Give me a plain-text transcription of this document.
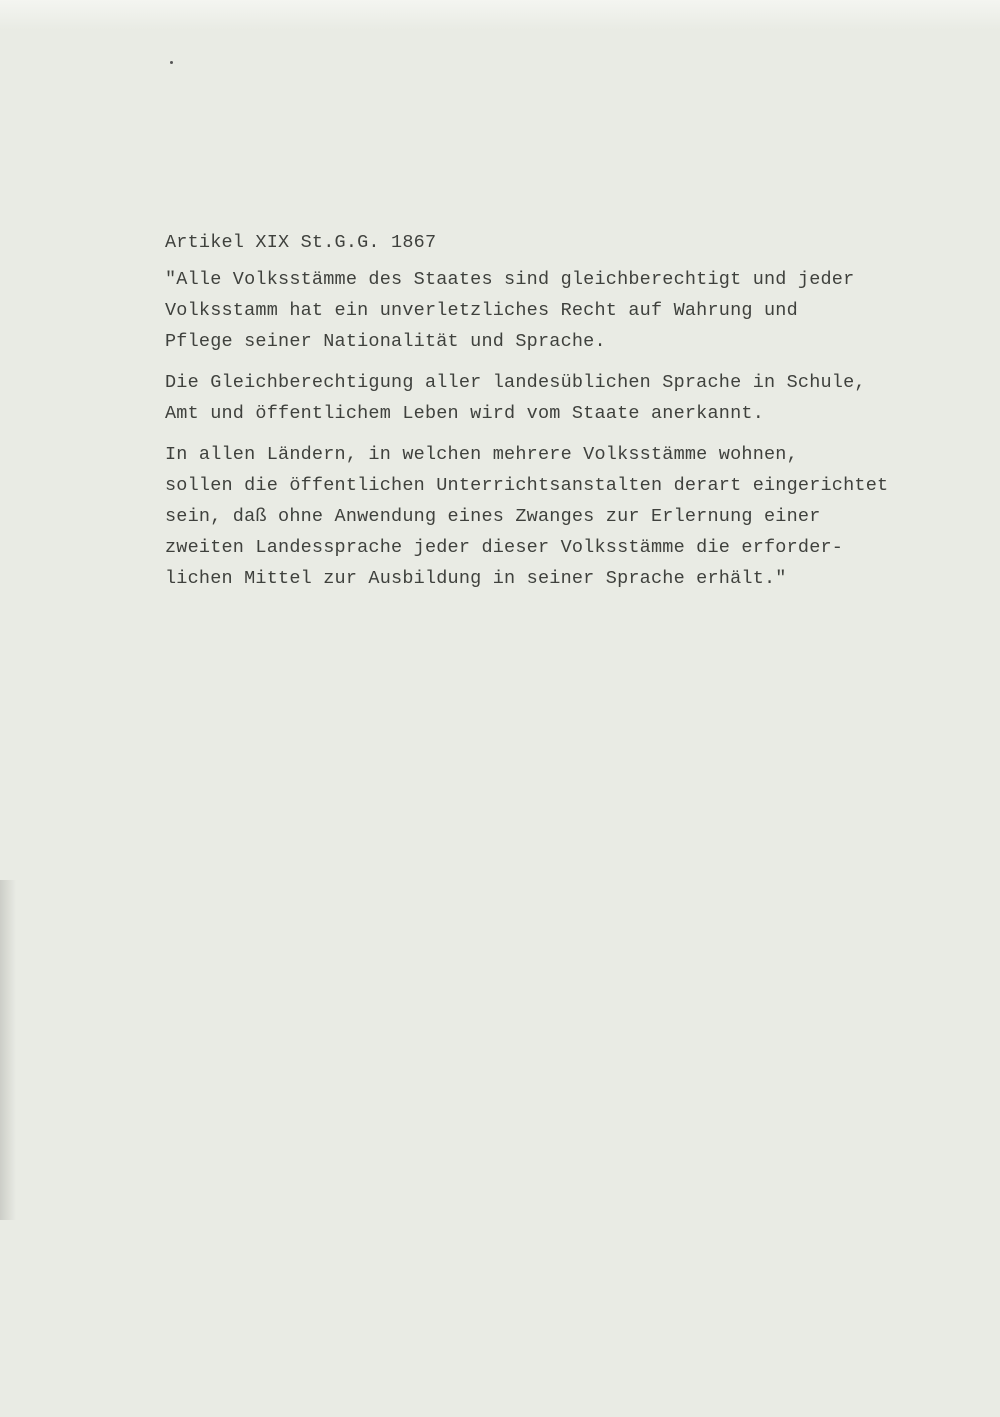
Artikel XIX St.G.G. 1867
"Alle Volksstämme des Staates sind gleichberechtigt und jeder
Volksstamm hat ein unverletzliches Recht auf Wahrung und
Pflege seiner Nationalität und Sprache.
Die Gleichberechtigung aller landesüblichen Sprache in Schule,
Amt und öffentlichem Leben wird vom Staate anerkannt.
In allen Ländern, in welchen mehrere Volksstämme wohnen,
sollen die öffentlichen Unterrichtsanstalten derart eingerichtet
sein, daß ohne Anwendung eines Zwanges zur Erlernung einer
zweiten Landessprache jeder dieser Volksstämme die erforder-
lichen Mittel zur Ausbildung in seiner Sprache erhält."
